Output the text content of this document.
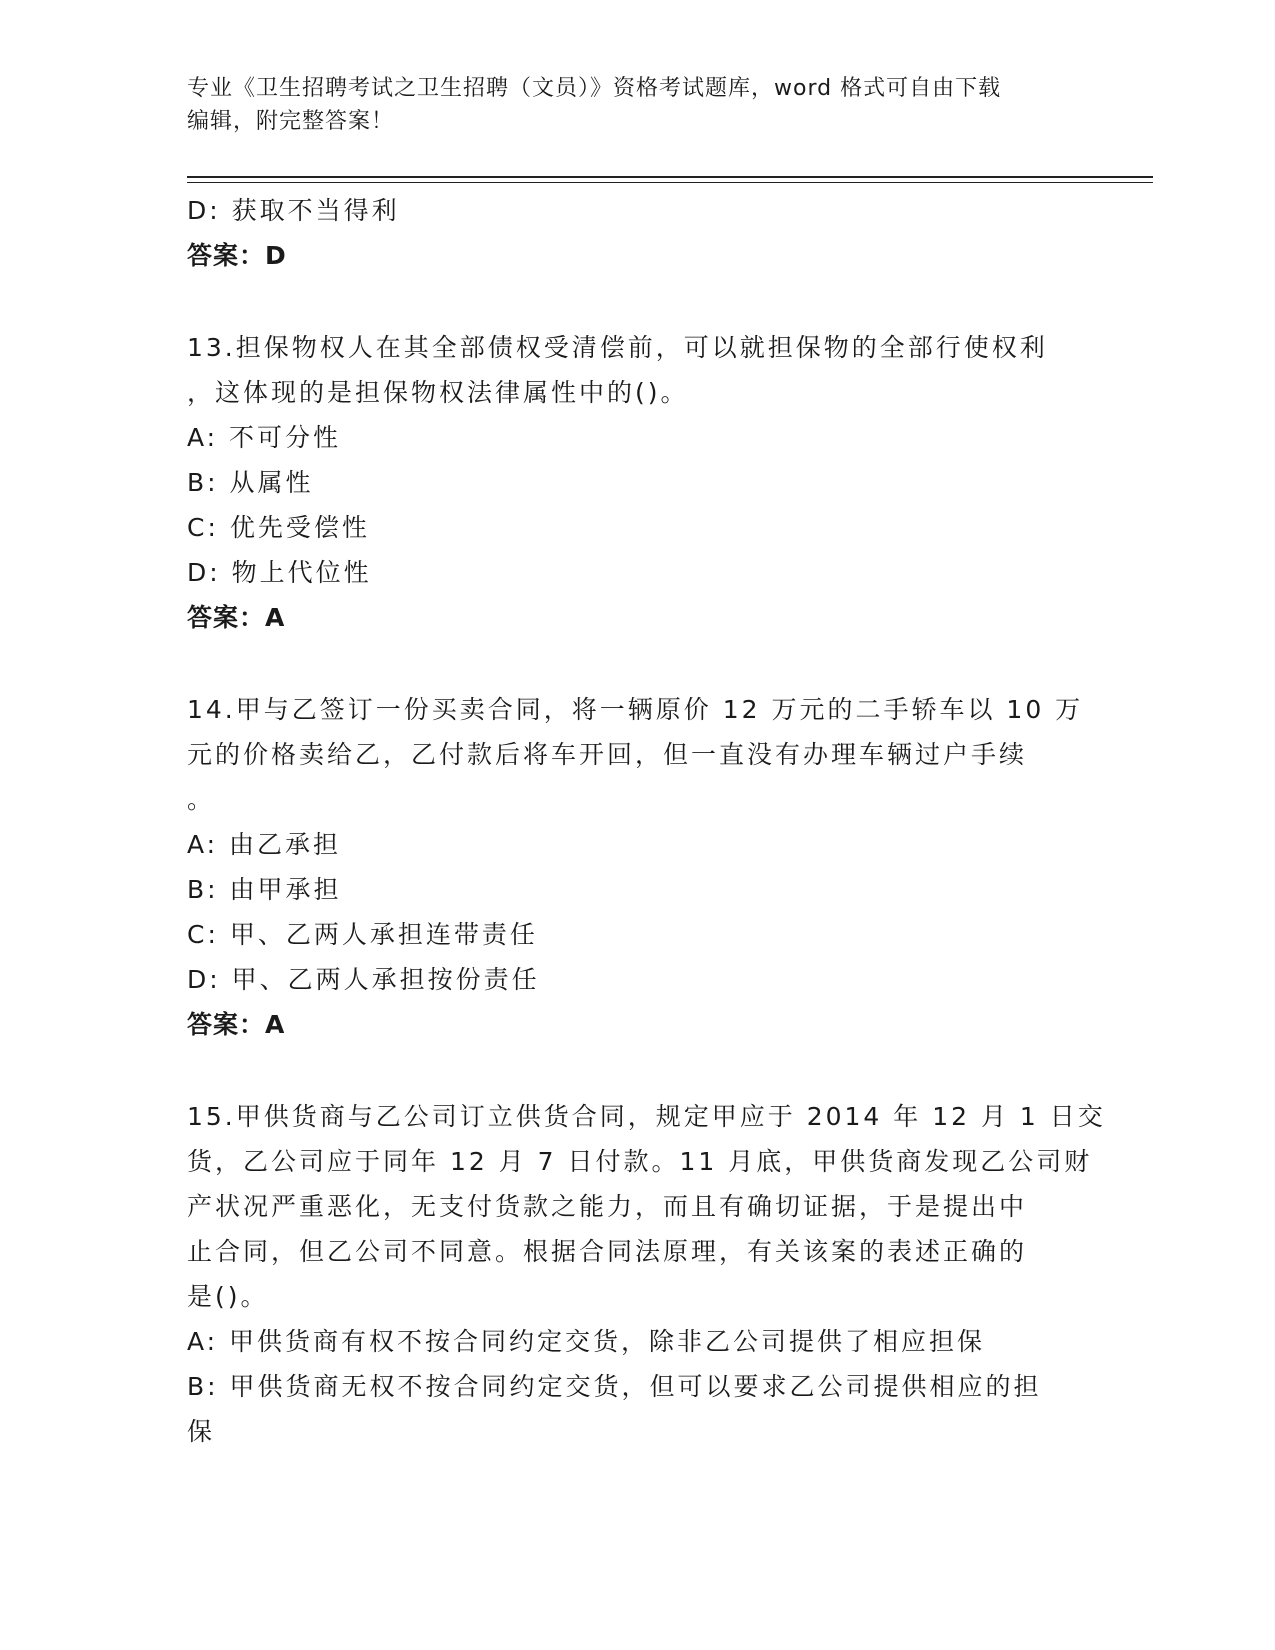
专业《卫生招聘考试之卫生招聘（文员）》资格考试题库，word 格式可自由下载
编辑，附完整答案！
D: 获取不当得利
答案：D
13.担保物权人在其全部债权受清偿前，可以就担保物的全部行使权利
，这体现的是担保物权法律属性中的()。
A: 不可分性
B: 从属性
C: 优先受偿性
D: 物上代位性
答案：A
14.甲与乙签订一份买卖合同，将一辆原价 12 万元的二手轿车以 10 万
元的价格卖给乙，乙付款后将车开回，但一直没有办理车辆过户手续
。
A: 由乙承担
B: 由甲承担
C: 甲、乙两人承担连带责任
D: 甲、乙两人承担按份责任
答案：A
15.甲供货商与乙公司订立供货合同，规定甲应于 2014 年 12 月 1 日交
货，乙公司应于同年 12 月 7 日付款。11 月底，甲供货商发现乙公司财
产状况严重恶化，无支付货款之能力，而且有确切证据，于是提出中
止合同，但乙公司不同意。根据合同法原理，有关该案的表述正确的
是()。
A: 甲供货商有权不按合同约定交货，除非乙公司提供了相应担保
B: 甲供货商无权不按合同约定交货，但可以要求乙公司提供相应的担
保
